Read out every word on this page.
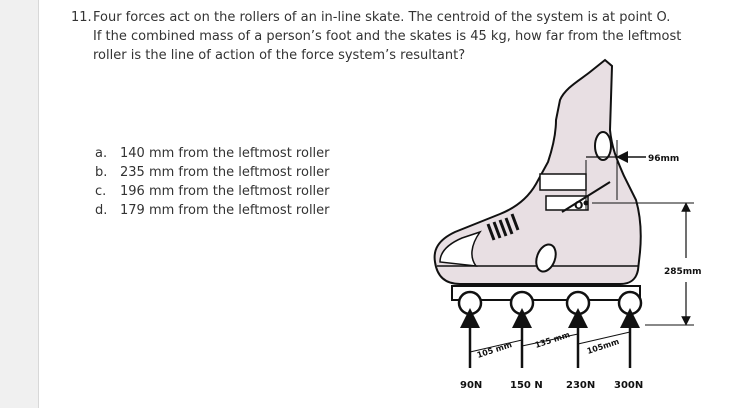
11. Four forces act on the rollers of an in-line skate. The centroid of the system is at point O.
If the combined mass of a person’s foot and the skates is 45 kg, how far from the leftmost
roller is the line of action of the force system’s resultant?
a. 140 mm from the leftmost roller
b. 235 mm from the leftmost roller
c.	196 mm from the leftmost roller
d. 179 mm from the leftmost roller
105 mm
135 mm 105mm
90N	150 N 230N 300N
O
96mm
285mm
